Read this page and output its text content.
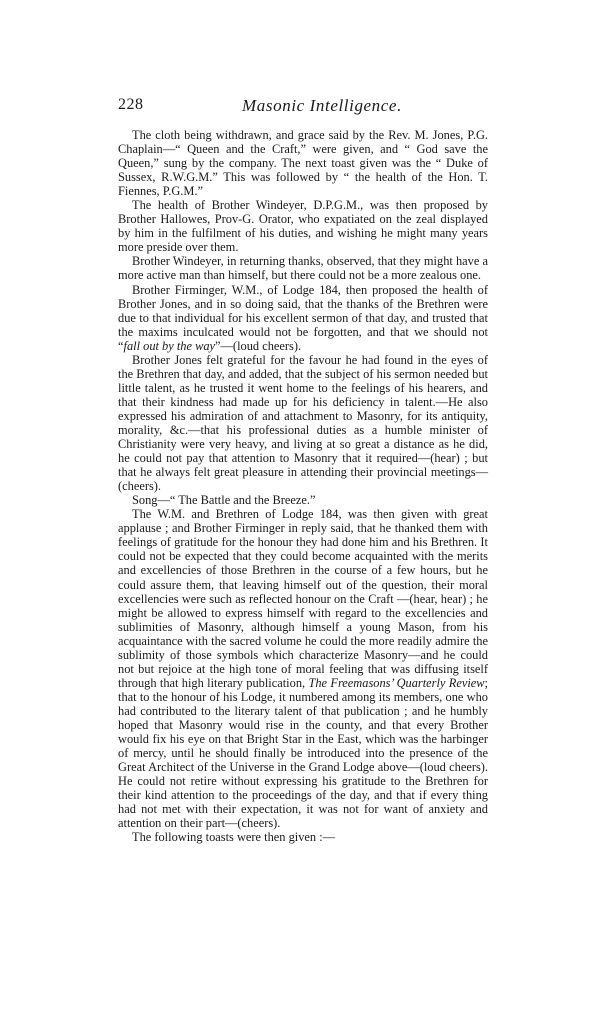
228	Masonic Intelligence.

The cloth being withdrawn, and grace said by the Rev. M. Jones, P.G. Chaplain—“ Queen and the Craft,” were given, and “ God save the Queen,” sung by the company. The next toast given was the “ Duke of Sussex, R.W.G.M.” This was followed by “ the health of the Hon. T. Fiennes, P.G.M.”

The health of Brother Windeyer, D.P.G.M., was then proposed by Brother Hallowes, Prov-G. Orator, who expatiated on the zeal displayed by him in the fulfilment of his duties, and wishing he might many years more preside over them.

Brother Windeyer, in returning thanks, observed, that they might have a more active man than himself, but there could not be a more zealous one.

Brother Firminger, W.M., of Lodge 184, then proposed the health of Brother Jones, and in so doing said, that the thanks of the Brethren were due to that individual for his excellent sermon of that day, and trusted that the maxims inculcated would not be forgotten, and that we should not “fall out by the way”—(loud cheers).

Brother Jones felt grateful for the favour he had found in the eyes of the Brethren that day, and added, that the subject of his sermon needed but little talent, as he trusted it went home to the feelings of his hearers, and that their kindness had made up for his deficiency in talent.—He also expressed his admiration of and attachment to Masonry, for its antiquity, morality, &c.—that his professional duties as a humble minister of Christianity were very heavy, and living at so great a distance as he did, he could not pay that attention to Masonry that it required—(hear) ; but that he always felt great pleasure in attending their provincial meetings—(cheers).

Song—“ The Battle and the Breeze.”

The W.M. and Brethren of Lodge 184, was then given with great applause ; and Brother Firminger in reply said, that he thanked them with feelings of gratitude for the honour they had done him and his Brethren. It could not be expected that they could become acquainted with the merits and excellencies of those Brethren in the course of a few hours, but he could assure them, that leaving himself out of the question, their moral excellencies were such as reflected honour on the Craft —(hear, hear) ; he might be allowed to express himself with regard to the excellencies and sublimities of Masonry, although himself a young Mason, from his acquaintance with the sacred volume he could the more readily admire the sublimity of those symbols which characterize Masonry—and he could not but rejoice at the high tone of moral feeling that was diffusing itself through that high literary publication, The Freemasons’ Quarterly Review; that to the honour of his Lodge, it numbered among its members, one who had contributed to the literary talent of that publication ; and he humbly hoped that Masonry would rise in the county, and that every Brother would fix his eye on that Bright Star in the East, which was the harbinger of mercy, until he should finally be introduced into the presence of the Great Architect of the Universe in the Grand Lodge above—(loud cheers). He could not retire without expressing his gratitude to the Brethren for their kind attention to the proceedings of the day, and that if every thing had not met with their expectation, it was not for want of anxiety and attention on their part—(cheers).

The following toasts were then given :—
